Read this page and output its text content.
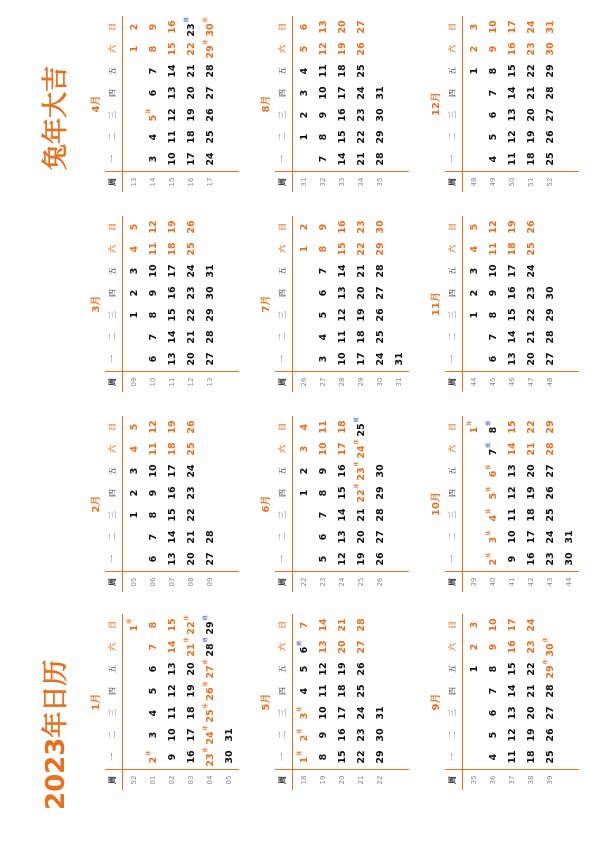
2023年日历
兔年大吉
1月
周
一
二
三
四
五
六
日
52
$1^休$
01
$2^休$
3
4
5
6
7
8
02
9
10
11
12
13
14
15
03
16
17
18
19
20
$21^休$
$22^休$
04
$23^休$
$24^休$
$25^休$
$26^休$
$27^休$
$28^班$
$29^班$
05
30
31
2月
周
一
二
三
四
五
六
日
05
1
2
3
4
5
06
6
7
8
9
10
11
12
07
13
14
15
16
17
18
19
08
20
21
22
23
24
25
26
09
27
28
3月
周
一
二
三
四
五
六
日
09
1
2
3
4
5
10
6
7
8
9
10
11
12
11
13
14
15
16
17
18
19
12
20
21
22
23
24
25
26
13
27
28
29
30
31
4月
周
一
二
三
四
五
六
日
13
1
2
14
3
4
$5^休$
6
7
8
9
15
10
11
12
13
14
15
16
16
17
18
19
20
21
22
$23^班$
17
24
25
26
27
28
$29^休$
$30^休$
5月
周
一
二
三
四
五
六
日
18
$1^休$
$2^休$
$3^休$
4
5
$6^班$
7
19
8
9
10
11
12
13
14
20
15
16
17
18
19
20
21
21
22
23
24
25
26
27
28
22
29
30
31
6月
周
一
二
三
四
五
六
日
22
1
2
3
4
23
5
6
7
8
9
10
11
24
12
13
14
15
16
17
18
25
19
20
21
$22^休$
$23^休$
$24^休$
$25^班$
26
26
27
28
29
30
7月
周
一
二
三
四
五
六
日
26
1
2
27
3
4
5
6
7
8
9
28
10
11
12
13
14
15
16
29
17
18
19
20
21
22
23
30
24
25
26
27
28
29
30
31
31
8月
周
一
二
三
四
五
六
日
31
1
2
3
4
5
6
32
7
8
9
10
11
12
13
33
14
15
16
17
18
19
20
34
21
22
23
24
25
26
27
35
28
29
30
31
9月
周
一
二
三
四
五
六
日
35
1
2
3
36
4
5
6
7
8
9
10
37
11
12
13
14
15
16
17
38
18
19
20
21
22
23
24
39
25
26
27
28
$29^休$
$30^休$
10月
周
一
二
三
四
五
六
日
39
$1^休$
40
$2^休$
$3^休$
$4^休$
$5^休$
$6^休$
$7^班$
$8^班$
41
9
10
11
12
13
14
15
42
16
17
18
19
20
21
22
43
23
24
25
26
27
28
29
44
30
31
11月
周
一
二
三
四
五
六
日
44
1
2
3
4
5
45
6
7
8
9
10
11
12
46
13
14
15
16
17
18
19
47
20
21
22
23
24
25
26
48
27
28
29
30
12月
周
一
二
三
四
五
六
日
48
1
2
3
49
4
5
6
7
8
9
10
50
11
12
13
14
15
16
17
51
18
19
20
21
22
23
24
52
25
26
27
28
29
30
31
